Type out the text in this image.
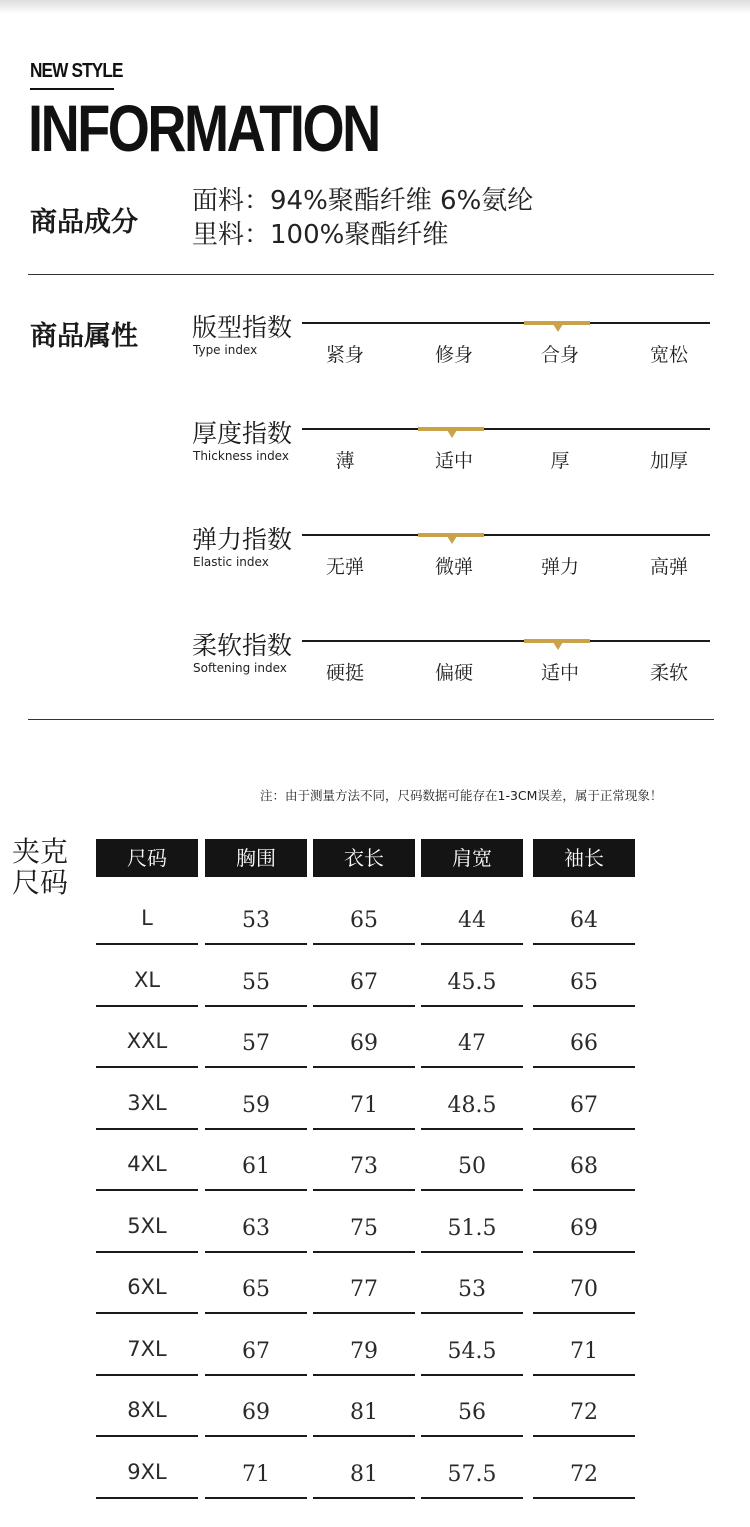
NEW STYLE
INFORMATION
商品成分
面料：94%聚酯纤维 6%氨纶
里料：100%聚酯纤维
商品属性 版型指数
Type index	紧身	修身	合身	宽松
厚度指数
Thickness index	薄	适中	厚	加厚
弹力指数
Elastic index	无弹	微弹	弹力	高弹
柔软指数
Softening index	硬挺	偏硬	适中	柔软
注：由于测量方法不同，尺码数据可能存在1-3CM误差，属于正常现象！
夹克
尺码
尺码	胸围	衣长	肩宽	袖长
L	53	65	44	64
XL	55	67	45.5	65
XXL	57	69	47	66
3XL	59	71	48.5	67
4XL	61	73	50	68
5XL	63	75	51.5	69
6XL	65	77	53	70
7XL	67	79	54.5	71
8XL	69	81	56	72
9XL	71	81	57.5	72
